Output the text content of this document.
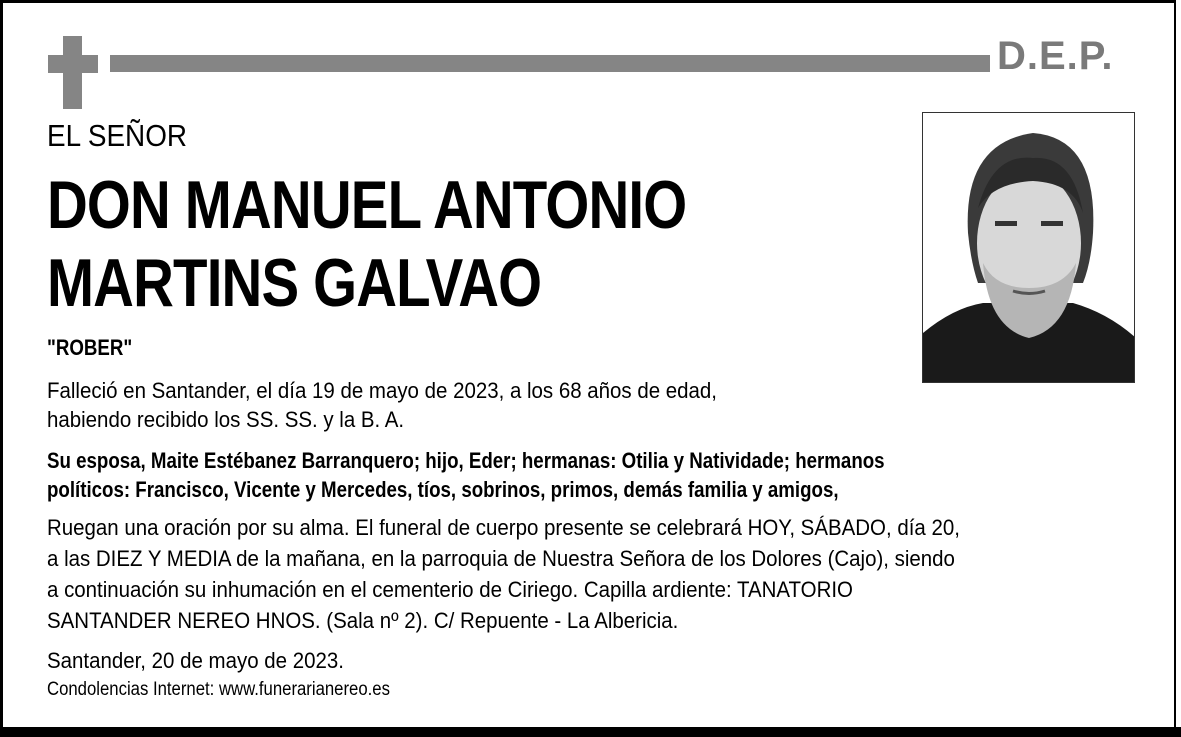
D.E.P.
EL SEÑOR
DON MANUEL ANTONIO
MARTINS GALVAO
"ROBER"
Falleció en Santander, el día 19 de mayo de 2023, a los 68 años de edad,
habiendo recibido los SS. SS. y la B. A.
Su esposa, Maite Estébanez Barranquero; hijo, Eder; hermanas: Otilia y Natividade; hermanos
políticos: Francisco, Vicente y Mercedes, tíos, sobrinos, primos, demás familia y amigos,
Ruegan una oración por su alma. El funeral de cuerpo presente se celebrará HOY, SÁBADO, día 20,
a las DIEZ Y MEDIA de la mañana, en la parroquia de Nuestra Señora de los Dolores (Cajo), siendo
a continuación su inhumación en el cementerio de Ciriego. Capilla ardiente: TANATORIO
SANTANDER NEREO HNOS. (Sala nº 2). C/ Repuente - La Albericia.
Santander, 20 de mayo de 2023.
Condolencias Internet: www.funerarianereo.es
